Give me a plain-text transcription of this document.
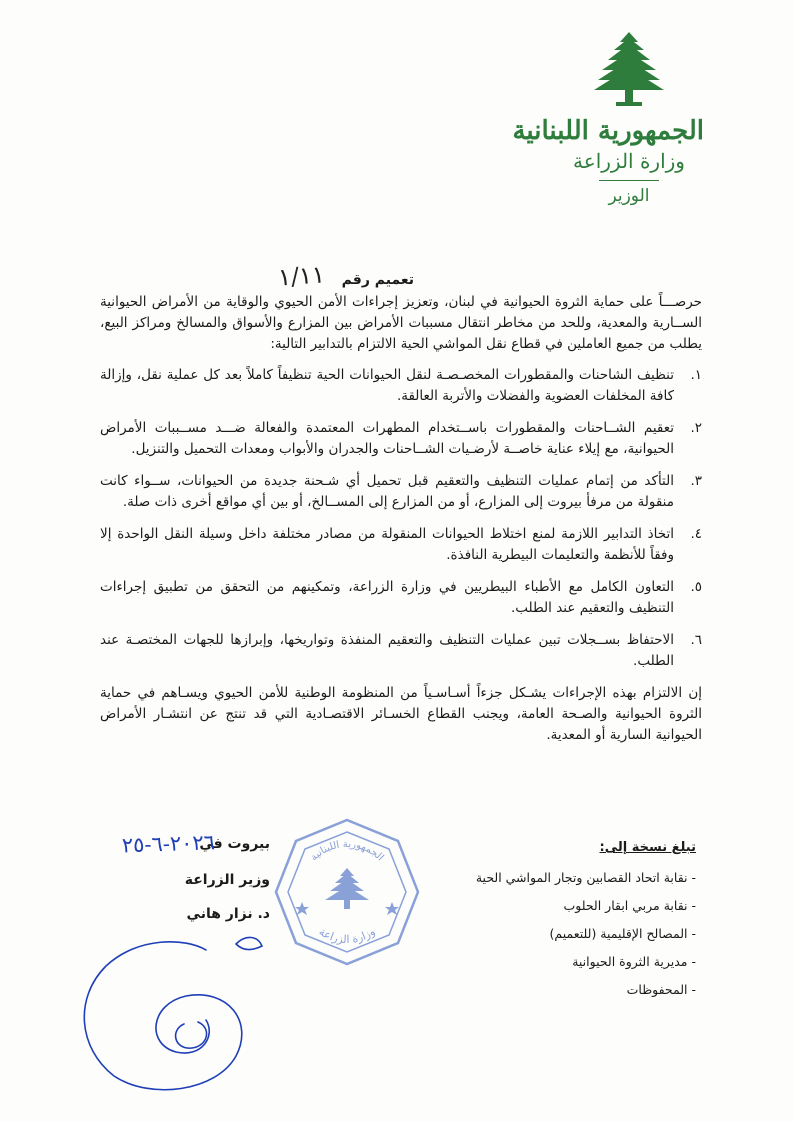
الجمهورية اللبنانية
وزارة الزراعة
الوزير
تعميم رقم ١/١١

حرصـــاً على حماية الثروة الحيوانية في لبنان، وتعزيز إجراءات الأمن الحيوي والوقاية من الأمراض الحيوانية الســارية والمعدية، وللحد من مخاطر انتقال مسببات الأمراض بين المزارع والأسواق والمسالخ ومراكز البيع، يطلب من جميع العاملين في قطاع نقل المواشي الحية الالتزام بالتدابير التالية:

١.
تنظيف الشاحنات والمقطورات المخصـصـة لنقل الحيوانات الحية تنظيفاً كاملاً بعد كل عملية نقل، وإزالة كافة المخلفات العضوية والفضلات والأتربة العالقة.
٢.
تعقيم الشــاحنات والمقطورات باســتخدام المطهرات المعتمدة والفعالة ضـــد مســببات الأمراض الحيوانية، مع إيلاء عناية خاصــة لأرضـيات الشــاحنات والجدران والأبواب ومعدات التحميل والتنزيل.
٣.
التأكد من إتمام عمليات التنظيف والتعقيم قبل تحميل أي شـحنة جديدة من الحيوانات، ســواء كانت منقولة من مرفأ بيروت إلى المزارع، أو من المزارع إلى المســالخ، أو بين أي مواقع أخرى ذات صلة.
٤.
اتخاذ التدابير اللازمة لمنع اختلاط الحيوانات المنقولة من مصادر مختلفة داخل وسيلة النقل الواحدة إلا وفقاً للأنظمة والتعليمات البيطرية النافذة.
٥.
التعاون الكامل مع الأطباء البيطريين في وزارة الزراعة، وتمكينهم من التحقق من تطبيق إجراءات التنظيف والتعقيم عند الطلب.
٦.
الاحتفاظ بســجلات تبين عمليات التنظيف والتعقيم المنفذة وتواريخها، وإبرازها للجهات المختصـة عند الطلب.

إن الالتزام بهذه الإجراءات يشـكل جزءاً أسـاسـياً من المنظومة الوطنية للأمن الحيوي ويسـاهم في حماية الثروة الحيوانية والصـحة العامة، ويجنب القطاع الخسـائر الاقتصـادية التي قد تنتج عن انتشـار الأمراض الحيوانية السارية أو المعدية.

تبلغ نسخة إلى:
- نقابة اتحاد القصابين وتجار المواشي الحية
- نقابة مربي ابقار الحلوب
- المصالح الإقليمية (للتعميم)
- مديرية الثروة الحيوانية
- المحفوظات
الجمهورية اللبنانية
وزارة الزراعة
بيروت في
٢٠٢٦-٦-٢٥
وزير الزراعة
د. نزار هاني
